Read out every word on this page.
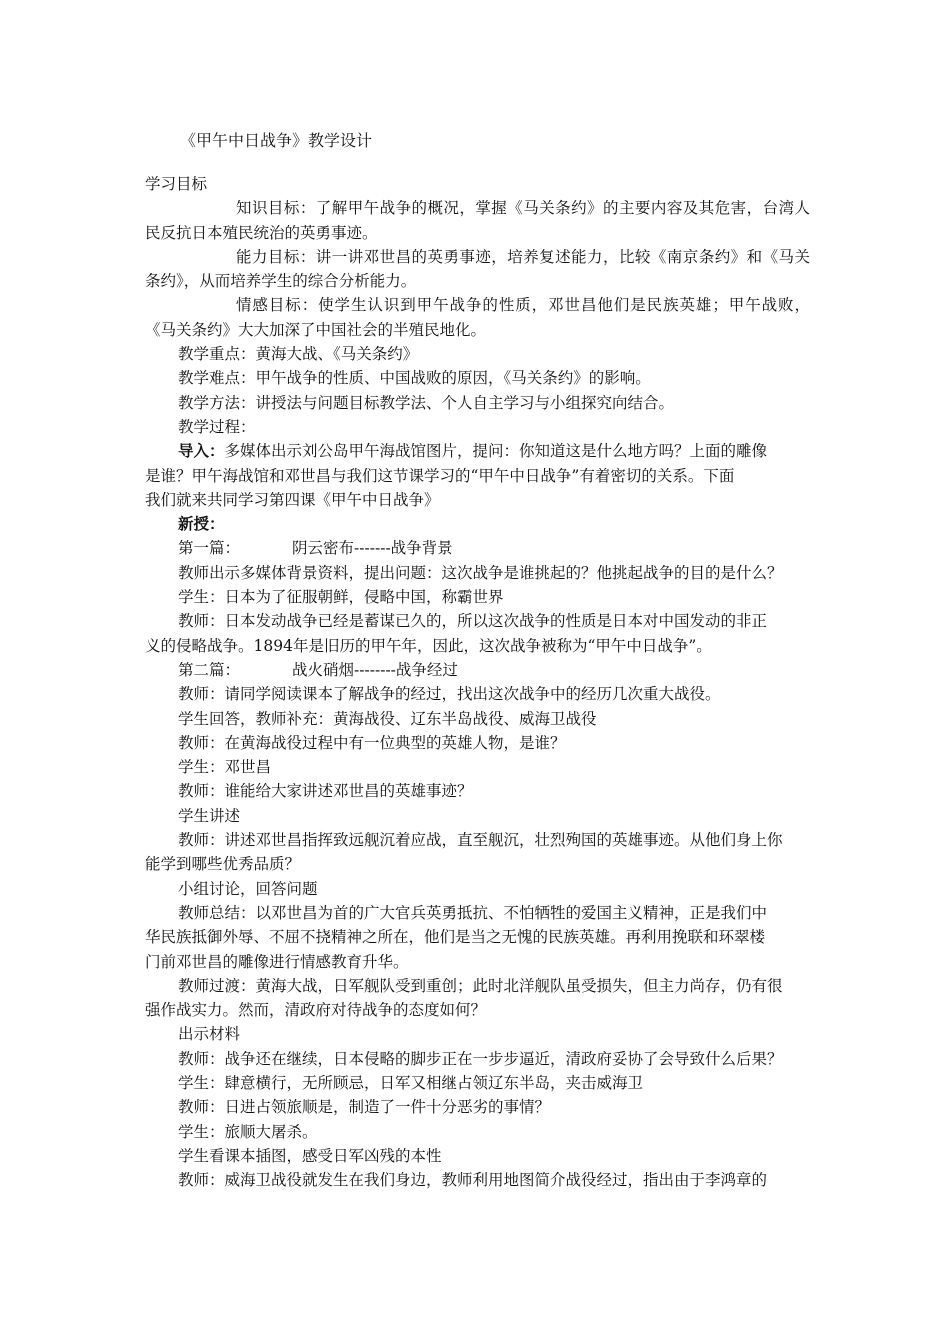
《甲午中日战争》教学设计
学习目标
知识目标：了解甲午战争的概况，掌握《马关条约》的主要内容及其危害，台湾人
民反抗日本殖民统治的英勇事迹。
能力目标：讲一讲邓世昌的英勇事迹，培养复述能力，比较《南京条约》和《马关
条约》，从而培养学生的综合分析能力。
情感目标：使学生认识到甲午战争的性质，邓世昌他们是民族英雄；甲午战败，
《马关条约》大大加深了中国社会的半殖民地化。
教学重点：黄海大战、《马关条约》
教学难点：甲午战争的性质、中国战败的原因，《马关条约》的影响。
教学方法：讲授法与问题目标教学法、个人自主学习与小组探究向结合。
教学过程：
导入：多媒体出示刘公岛甲午海战馆图片，提问：你知道这是什么地方吗？上面的雕像
是谁？甲午海战馆和邓世昌与我们这节课学习的“甲午中日战争”有着密切的关系。下面
我们就来共同学习第四课《甲午中日战争》
新授：
第一篇：	阴云密布-------战争背景
教师出示多媒体背景资料，提出问题：这次战争是谁挑起的？他挑起战争的目的是什么？
学生：日本为了征服朝鲜，侵略中国，称霸世界
教师：日本发动战争已经是蓄谋已久的，所以这次战争的性质是日本对中国发动的非正
义的侵略战争。1894年是旧历的甲午年，因此，这次战争被称为“甲午中日战争”。
第二篇：	战火硝烟--------战争经过
教师：请同学阅读课本了解战争的经过，找出这次战争中的经历几次重大战役。
学生回答，教师补充：黄海战役、辽东半岛战役、威海卫战役
教师：在黄海战役过程中有一位典型的英雄人物，是谁？
学生：邓世昌
教师：谁能给大家讲述邓世昌的英雄事迹？
学生讲述
教师：讲述邓世昌指挥致远舰沉着应战，直至舰沉，壮烈殉国的英雄事迹。从他们身上你
能学到哪些优秀品质？
小组讨论，回答问题
教师总结：以邓世昌为首的广大官兵英勇抵抗、不怕牺牲的爱国主义精神，正是我们中
华民族抵御外辱、不屈不挠精神之所在，他们是当之无愧的民族英雄。再利用挽联和环翠楼
门前邓世昌的雕像进行情感教育升华。
教师过渡：黄海大战，日军舰队受到重创；此时北洋舰队虽受损失，但主力尚存，仍有很
强作战实力。然而，清政府对待战争的态度如何？
出示材料
教师：战争还在继续，日本侵略的脚步正在一步步逼近，清政府妥协了会导致什么后果？
学生：肆意横行，无所顾忌，日军又相继占领辽东半岛，夹击威海卫
教师：日进占领旅顺是，制造了一件十分恶劣的事情？
学生：旅顺大屠杀。
学生看课本插图，感受日军凶残的本性
教师：威海卫战役就发生在我们身边，教师利用地图简介战役经过，指出由于李鸿章的
